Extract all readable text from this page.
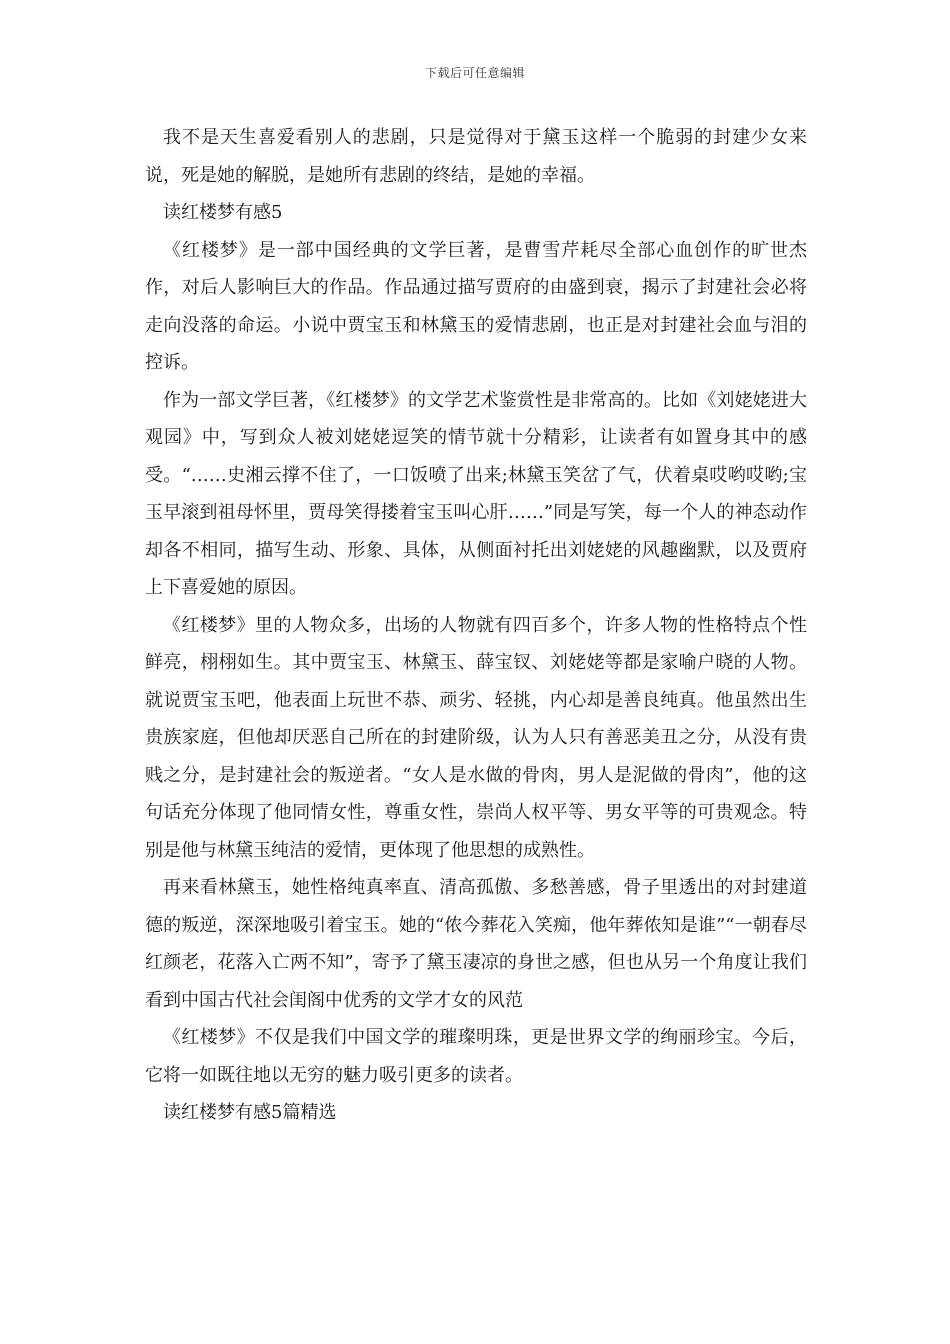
下载后可任意编辑

我不是天生喜爱看别人的悲剧，只是觉得对于黛玉这样一个脆弱的封建少女来说，死是她的解脱，是她所有悲剧的终结，是她的幸福。

读红楼梦有感5

《红楼梦》是一部中国经典的文学巨著，是曹雪芹耗尽全部心血创作的旷世杰作，对后人影响巨大的作品。作品通过描写贾府的由盛到衰，揭示了封建社会必将走向没落的命运。小说中贾宝玉和林黛玉的爱情悲剧，也正是对封建社会血与泪的控诉。

作为一部文学巨著，《红楼梦》的文学艺术鉴赏性是非常高的。比如《刘姥姥进大观园》中，写到众人被刘姥姥逗笑的情节就十分精彩，让读者有如置身其中的感受。“……史湘云撑不住了，一口饭喷了出来;林黛玉笑岔了气，伏着桌哎哟哎哟;宝玉早滚到祖母怀里，贾母笑得搂着宝玉叫心肝……”同是写笑，每一个人的神态动作却各不相同，描写生动、形象、具体，从侧面衬托出刘姥姥的风趣幽默，以及贾府上下喜爱她的原因。

《红楼梦》里的人物众多，出场的人物就有四百多个，许多人物的性格特点个性鲜亮，栩栩如生。其中贾宝玉、林黛玉、薛宝钗、刘姥姥等都是家喻户晓的人物。就说贾宝玉吧，他表面上玩世不恭、顽劣、轻挑，内心却是善良纯真。他虽然出生贵族家庭，但他却厌恶自己所在的封建阶级，认为人只有善恶美丑之分，从没有贵贱之分，是封建社会的叛逆者。“女人是水做的骨肉，男人是泥做的骨肉”，他的这句话充分体现了他同情女性，尊重女性，崇尚人权平等、男女平等的可贵观念。特别是他与林黛玉纯洁的爱情，更体现了他思想的成熟性。

再来看林黛玉，她性格纯真率直、清高孤傲、多愁善感，骨子里透出的对封建道德的叛逆，深深地吸引着宝玉。她的“侬今葬花入笑痴，他年葬侬知是谁”“一朝春尽红颜老，花落入亡两不知”，寄予了黛玉凄凉的身世之感，但也从另一个角度让我们看到中国古代社会闺阁中优秀的文学才女的风范

《红楼梦》不仅是我们中国文学的璀璨明珠，更是世界文学的绚丽珍宝。今后，它将一如既往地以无穷的魅力吸引更多的读者。

读红楼梦有感5篇精选
